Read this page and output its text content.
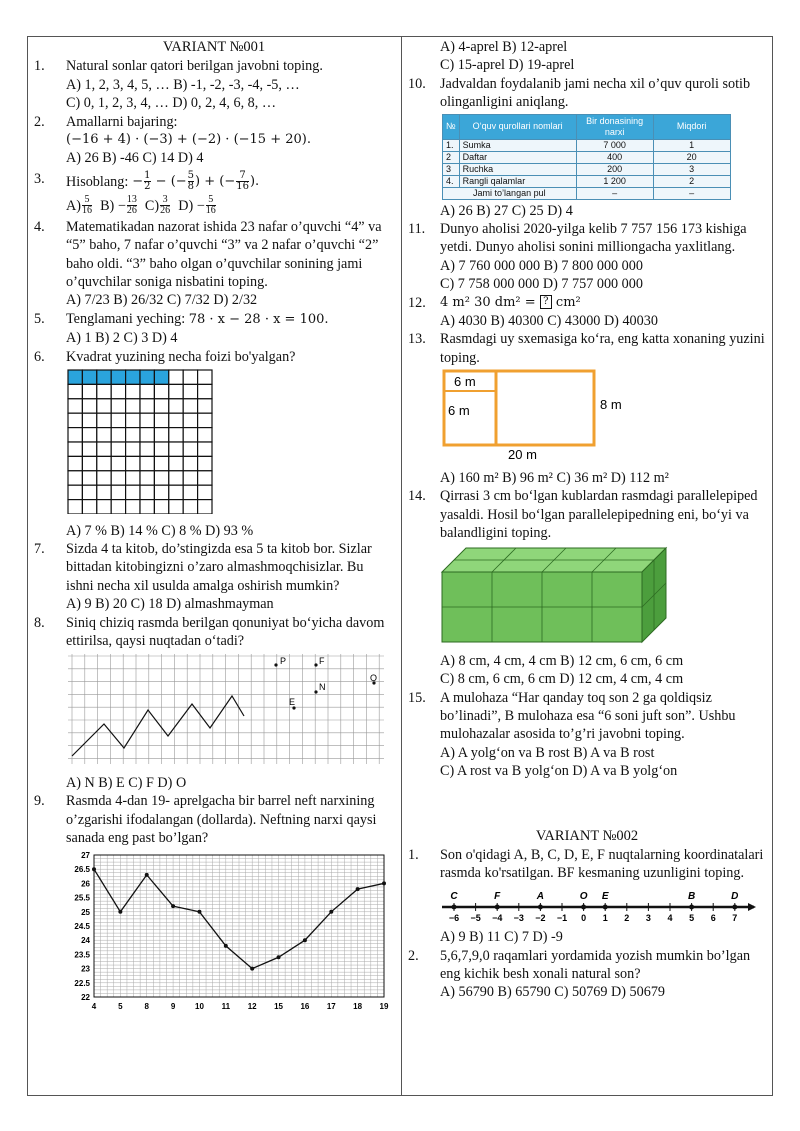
VARIANT №001
1.	Natural sonlar qatori berilgan javobni toping.
A) 1, 2, 3, 4, 5, … B) -1, -2, -3, -4, -5, …
C) 0, 1, 2, 3, 4, … D) 0, 2, 4, 6, 8, …
2.	Amallarni bajaring:
(−16 + 4) · (−3) + (−2) · (−15 + 20).
A) 26 B) -46 C) 14 D) 4
3.	Hisoblang: − $\frac{1}{2}$ − (− $\frac{5}{8}$ ) + (− $\frac{7}{16}$ ).
$A) \frac{5}{16}$
$B) - \frac{13}{26}$
$C) \frac{3}{26}$
$D) - \frac{5}{16}$
4.	Matematikadan nazorat ishida 23 nafar o’quvchi “4” va “5” baho, 7 nafar o’quvchi “3” va 2 nafar o’quvchi “2” baho oldi. “3” baho olgan o’quvchilar sonining jami o’quvchilar soniga nisbatini toping.
A) 7/23 B) 26/32 C) 7/32 D) 2/32
5.	Tenglamani yeching: 78 · x − 28 · x = 100.
A) 1 B) 2 C) 3 D) 4
6.	Kvadrat yuzining necha foizi bo'yalgan?
A) 7 % B) 14 % C) 8 % D) 93 %
7.	Sizda 4 ta kitob, do’stingizda esa 5 ta kitob bor. Sizlar bittadan kitobingizni o’zaro almashmoqchisizlar. Bu ishni necha xil usulda amalga oshirish mumkin?
A) 9 B) 20 C) 18 D) almashmayman
8.	Siniq chiziq rasmda berilgan qonuniyat bo‘yicha davom ettirilsa, qaysi nuqtadan o‘tadi?
P	F
N
O
E
A) N B) E C) F D) O
9.	Rasmda 4-dan 19- aprelgacha bir barrel neft narxining o’zgarishi ifodalangan (dollarda). Neftning narxi qaysi sanada eng past bo’lgan?
22
22.5
23
23.5
24
24.5
25
25.5
26
26.5
27
4	5	8	9 10 11 12 15 16 17 18 19
A) 4-aprel B) 12-aprel
C) 15-aprel D) 19-aprel
10.	Jadvaldan foydalanib jami necha xil o’quv quroli sotib olinganligini aniqlang.
№	O‘quv qurollari nomlari	Bir donasining narxi	Miqdori
1.	Sumka	7 000	1
2	Daftar	400	20
3	Ruchka	200	3
4.	Rangli qalamlar	1 200	2
Jami to’langan pul		–	–
A) 26 B) 27 C) 25 D) 4
11.	Dunyo aholisi 2020-yilga kelib 7 757 156 173 kishiga yetdi. Dunyo aholisi sonini milliongacha yaxlitlang.
A) 7 760 000 000 B) 7 800 000 000
C) 7 758 000 000 D) 7 757 000 000
12.	4 m² 30 dm² = ? cm²
A) 4030 B) 40300 C) 43000 D) 40030
13.	Rasmdagi uy sxemasiga ko‘ra, eng katta xonaning yuzini toping.
6 m
6 m	8 m
20 m
A) 160 m² B) 96 m² C) 36 m² D) 112 m²
14.	Qirrasi 3 cm bo‘lgan kublardan rasmdagi parallelepiped yasaldi. Hosil bo‘lgan parallelepipedning eni, bo‘yi va balandligini toping.
A) 8 cm, 4 cm, 4 cm B) 12 cm, 6 cm, 6 cm
C) 8 cm, 6 cm, 6 cm D) 12 cm, 4 cm, 4 cm
15.	A mulohaza “Har qanday toq son 2 ga qoldiqsiz bo’linadi”, B mulohaza esa “6 soni juft son”. Ushbu mulohazalar asosida to’g’ri javobni toping.
A) A yolg‘on va B rost B) A va B rost
C) A rost va B yolg‘on D) A va B yolg‘on
VARIANT №002
1.	Son o'qidagi A, B, C, D, E, F nuqtalarning koordinatalari rasmda ko'rsatilgan. BF kesmaning uzunligini toping.
−6 −5 −4 −3 −2 −1 0 1 2 3 4 5 6 7
C	F	A	O E	B	D
A) 9 B) 11 C) 7 D) -9
2.	5,6,7,9,0 raqamlari yordamida yozish mumkin bo’lgan eng kichik besh xonali natural son?
A) 56790 B) 65790 C) 50769 D) 50679
